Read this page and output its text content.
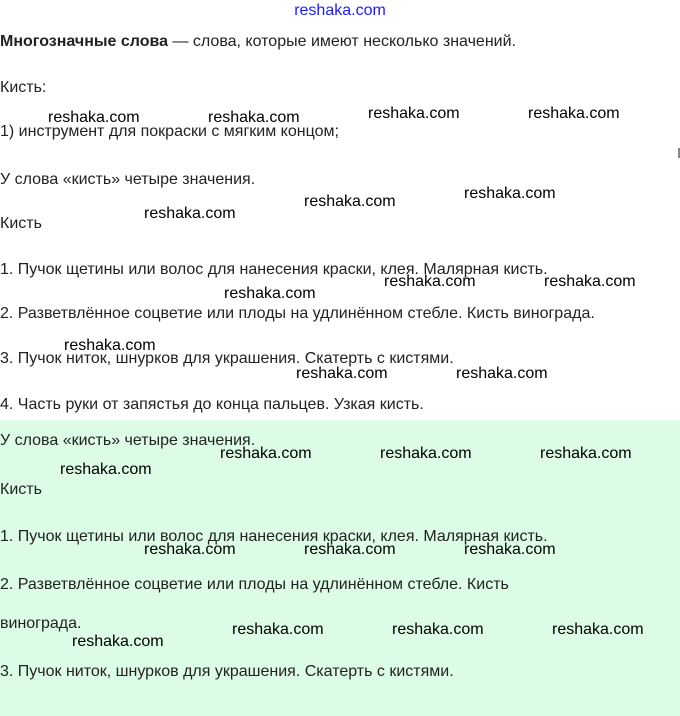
reshaka.com
Многозначные слова — слова, которые имеют несколько значений.
Кисть:
1) инструмент для покраски с мягким концом;
У слова «кисть» четыре значения.
Кисть
1. Пучок щетины или волос для нанесения краски, клея. Малярная кисть.
2. Разветвлённое соцветие или плоды на удлинённом стебле. Кисть винограда.
3. Пучок ниток, шнурков для украшения. Скатерть с кистями.
4. Часть руки от запястья до конца пальцев. Узкая кисть.
У слова «кисть» четыре значения.
Кисть
1. Пучок щетины или волос для нанесения краски, клея. Малярная кисть.
2. Разветвлённое соцветие или плоды на удлинённом стебле. Кисть
винограда.
3. Пучок ниток, шнурков для украшения. Скатерть с кистями.
reshaka.com	reshaka.com	reshaka.com	reshaka.com
reshaka.com
reshaka.com
reshaka.com
reshaka.com	reshaka.com
reshaka.com
reshaka.com
reshaka.com	reshaka.com
reshaka.com	reshaka.com	reshaka.com
reshaka.com
reshaka.com	reshaka.com	reshaka.com
reshaka.com	reshaka.com	reshaka.com
reshaka.com
